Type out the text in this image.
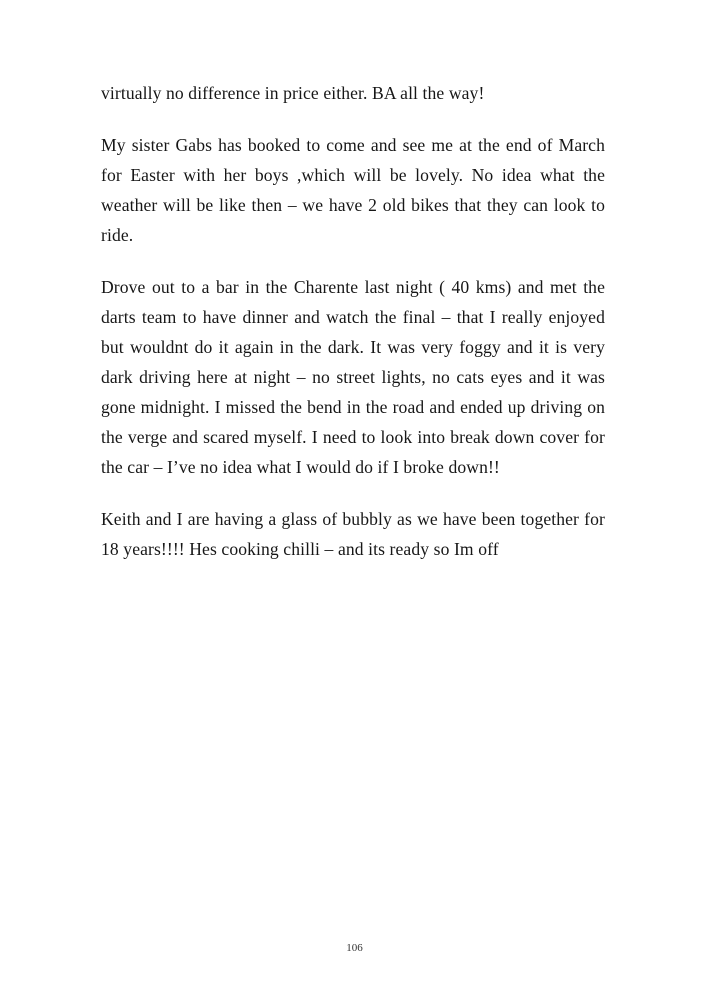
virtually no difference in price either. BA all the way!

My sister Gabs has booked to come and see me at the end of March for Easter with her boys ,which will be lovely. No idea what the weather will be like then – we have 2 old bikes that they can look to ride.

Drove out to a bar in the Charente last night ( 40 kms) and met the darts team to have dinner and watch the final – that I really enjoyed but wouldnt do it again in the dark. It was very foggy and it is very dark driving here at night – no street lights, no cats eyes and it was gone midnight. I missed the bend in the road and ended up driving on the verge and scared myself. I need to look into break down cover for the car – I’ve no idea what I would do if I broke down!!

Keith and I are having a glass of bubbly as we have been together for 18 years!!!! Hes cooking chilli – and its ready so Im off

106
